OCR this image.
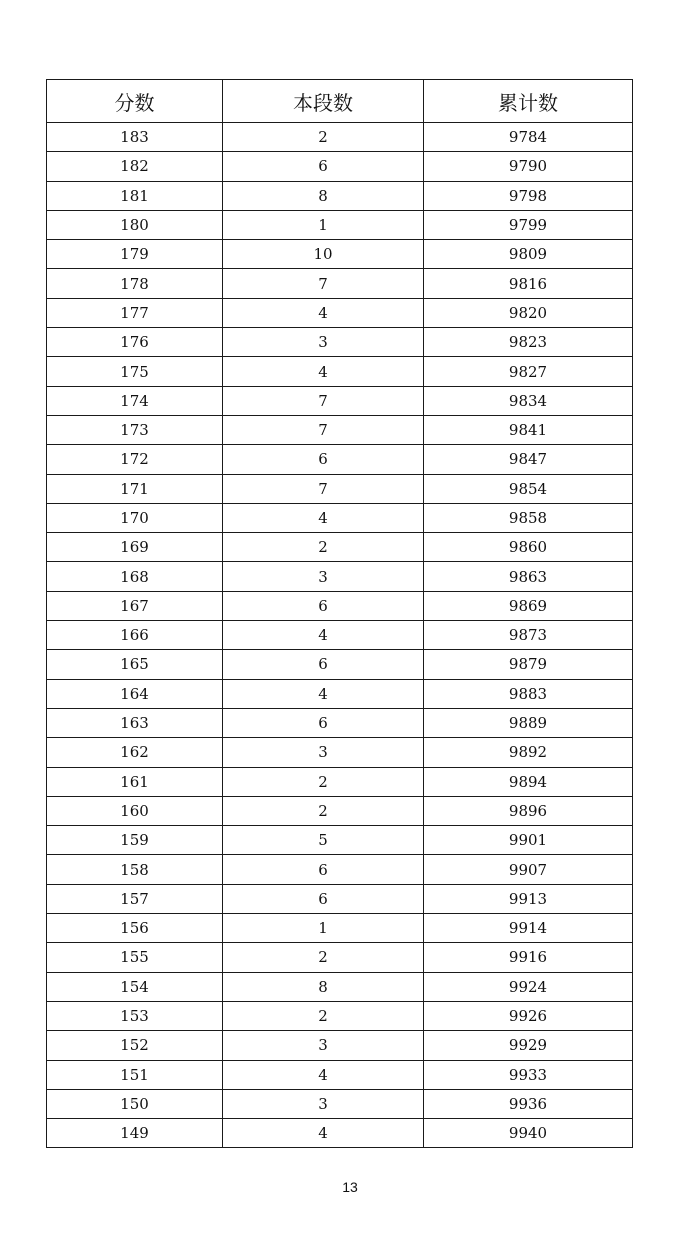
分数	本段数	累计数
183	2	9784
182	6	9790
181	8	9798
180	1	9799
179	10	9809
178	7	9816
177	4	9820
176	3	9823
175	4	9827
174	7	9834
173	7	9841
172	6	9847
171	7	9854
170	4	9858
169	2	9860
168	3	9863
167	6	9869
166	4	9873
165	6	9879
164	4	9883
163	6	9889
162	3	9892
161	2	9894
160	2	9896
159	5	9901
158	6	9907
157	6	9913
156	1	9914
155	2	9916
154	8	9924
153	2	9926
152	3	9929
151	4	9933
150	3	9936
149	4	9940
13
